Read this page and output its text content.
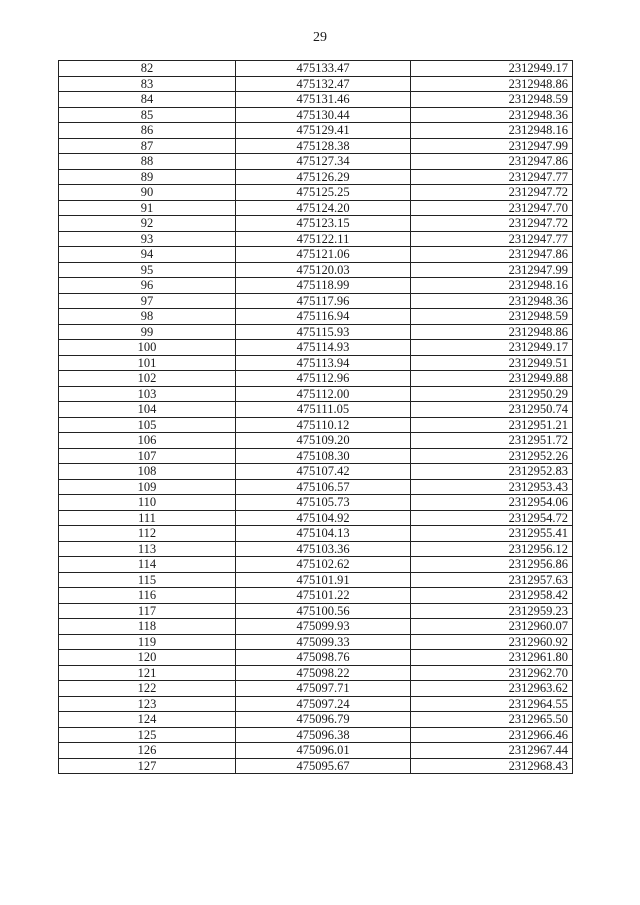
29
82	475133.47	2312949.17
83	475132.47	2312948.86
84	475131.46	2312948.59
85	475130.44	2312948.36
86	475129.41	2312948.16
87	475128.38	2312947.99
88	475127.34	2312947.86
89	475126.29	2312947.77
90	475125.25	2312947.72
91	475124.20	2312947.70
92	475123.15	2312947.72
93	475122.11	2312947.77
94	475121.06	2312947.86
95	475120.03	2312947.99
96	475118.99	2312948.16
97	475117.96	2312948.36
98	475116.94	2312948.59
99	475115.93	2312948.86
100	475114.93	2312949.17
101	475113.94	2312949.51
102	475112.96	2312949.88
103	475112.00	2312950.29
104	475111.05	2312950.74
105	475110.12	2312951.21
106	475109.20	2312951.72
107	475108.30	2312952.26
108	475107.42	2312952.83
109	475106.57	2312953.43
110	475105.73	2312954.06
111	475104.92	2312954.72
112	475104.13	2312955.41
113	475103.36	2312956.12
114	475102.62	2312956.86
115	475101.91	2312957.63
116	475101.22	2312958.42
117	475100.56	2312959.23
118	475099.93	2312960.07
119	475099.33	2312960.92
120	475098.76	2312961.80
121	475098.22	2312962.70
122	475097.71	2312963.62
123	475097.24	2312964.55
124	475096.79	2312965.50
125	475096.38	2312966.46
126	475096.01	2312967.44
127	475095.67	2312968.43
